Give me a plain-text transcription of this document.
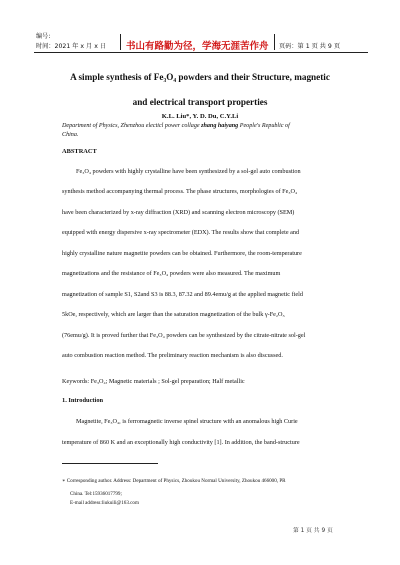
编号:
时间：2021 年 x 月 x 日 书山有路勤为径，学海无涯苦作舟 页码：第 1 页 共 9 页
A simple synthesis of Fe₃O₄ powders and their Structure, magnetic
and electrical transport properties
K.L. Liu*, Y. D. Du, C.Y.Li
Department of Physics, Zhenzhou electicl power collage zhang haiyang People's Republic of
China.
ABSTRACT
Fe₃O₄ powders with highly crystalline have been synthesized by a sol-gel auto combustion
synthesis method accompanying thermal process. The phase structures, morphologies of Fe₃O₄
have been characterized by x-ray diffraction (XRD) and scanning electron microscopy (SEM)
equipped with energy dispersive x-ray spectrometer (EDX). The results show that complete and
highly crystalline nature magnetite powders can be obtained. Furthermore, the room-temperature
magnetizations and the resistance of Fe₃O₄ powders were also measured. The maximum
magnetization of sample S1, S2and S3 is 88.3, 87.32 and 89.4emu/g at the applied magnetic field
5kOe, respectively, which are larger than the saturation magnetization of the bulk γ-Fe₂O₃
(76emu/g). It is proved further that Fe₃O₄ powders can be synthesized by the citrate-nitrate sol-gel
auto combustion reaction method. The preliminary reaction mechanism is also discussed.
Keywords: Fe₃O₄; Magnetic materials ; Sol-gel preparation; Half metallic
1. Introduction
Magnetite, Fe₃O₄, is ferromagnetic inverse spinel structure with an anomalous high Curie
temperature of 860 K and an exceptionally high conductivity [1]. In addition, the band-structure
∗ Corresponding author. Address: Department of Physics, Zhoukou Normal University, Zhoukou 466000, PR
China. Tel:15936017799;
E-mail address:liukuili@163.com
第 1 页 共 9 页
